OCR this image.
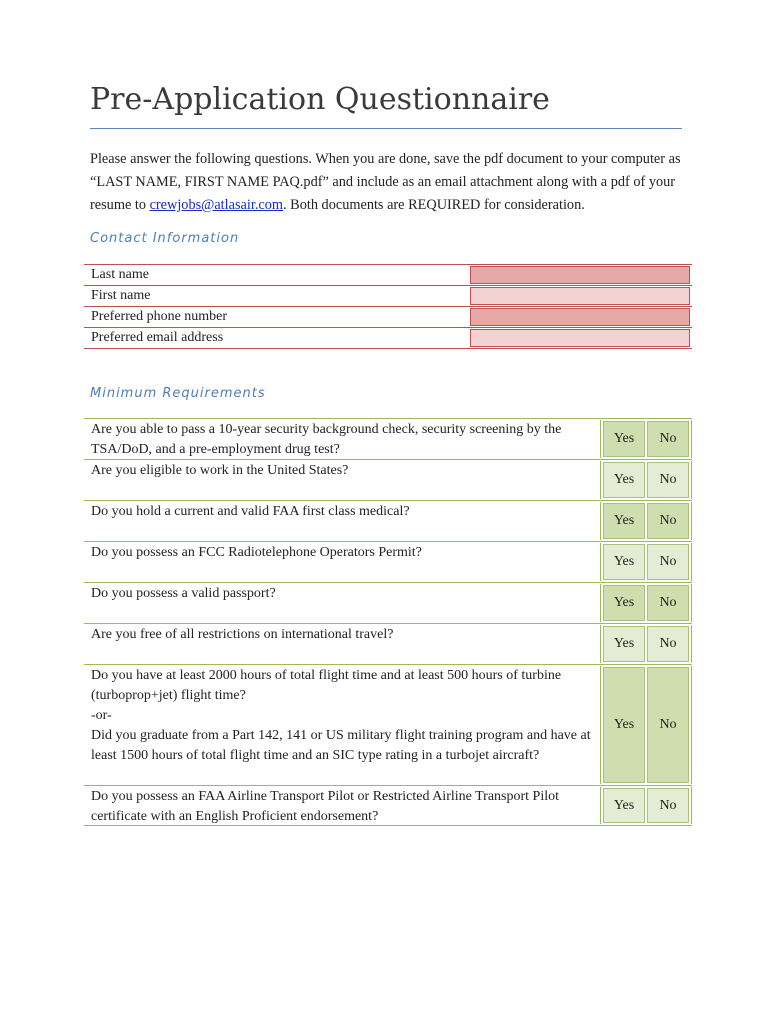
Pre-Application Questionnaire
Please answer the following questions. When you are done, save the pdf document to your computer as “LAST NAME, FIRST NAME PAQ.pdf” and include as an email attachment along with a pdf of your resume to crewjobs@atlasair.com. Both documents are REQUIRED for consideration.
Contact Information
Last name
First name
Preferred phone number
Preferred email address
Minimum Requirements
Are you able to pass a 10-year security background check, security screening by the TSA/DoD, and a pre-employment drug test?
Yes	No
Are you eligible to work in the United States?
Yes	No
Do you hold a current and valid FAA first class medical?
Yes	No
Do you possess an FCC Radiotelephone Operators Permit?
Yes	No
Do you possess a valid passport?
Yes	No
Are you free of all restrictions on international travel?
Yes	No
Do you have at least 2000 hours of total flight time and at least 500 hours of turbine (turboprop+jet) flight time?
-or-
Did you graduate from a Part 142, 141 or US military flight training program and have at least 1500 hours of total flight time and an SIC type rating in a turbojet aircraft?
Yes	No
Do you possess an FAA Airline Transport Pilot or Restricted Airline Transport Pilot certificate with an English Proficient endorsement?
Yes	No
